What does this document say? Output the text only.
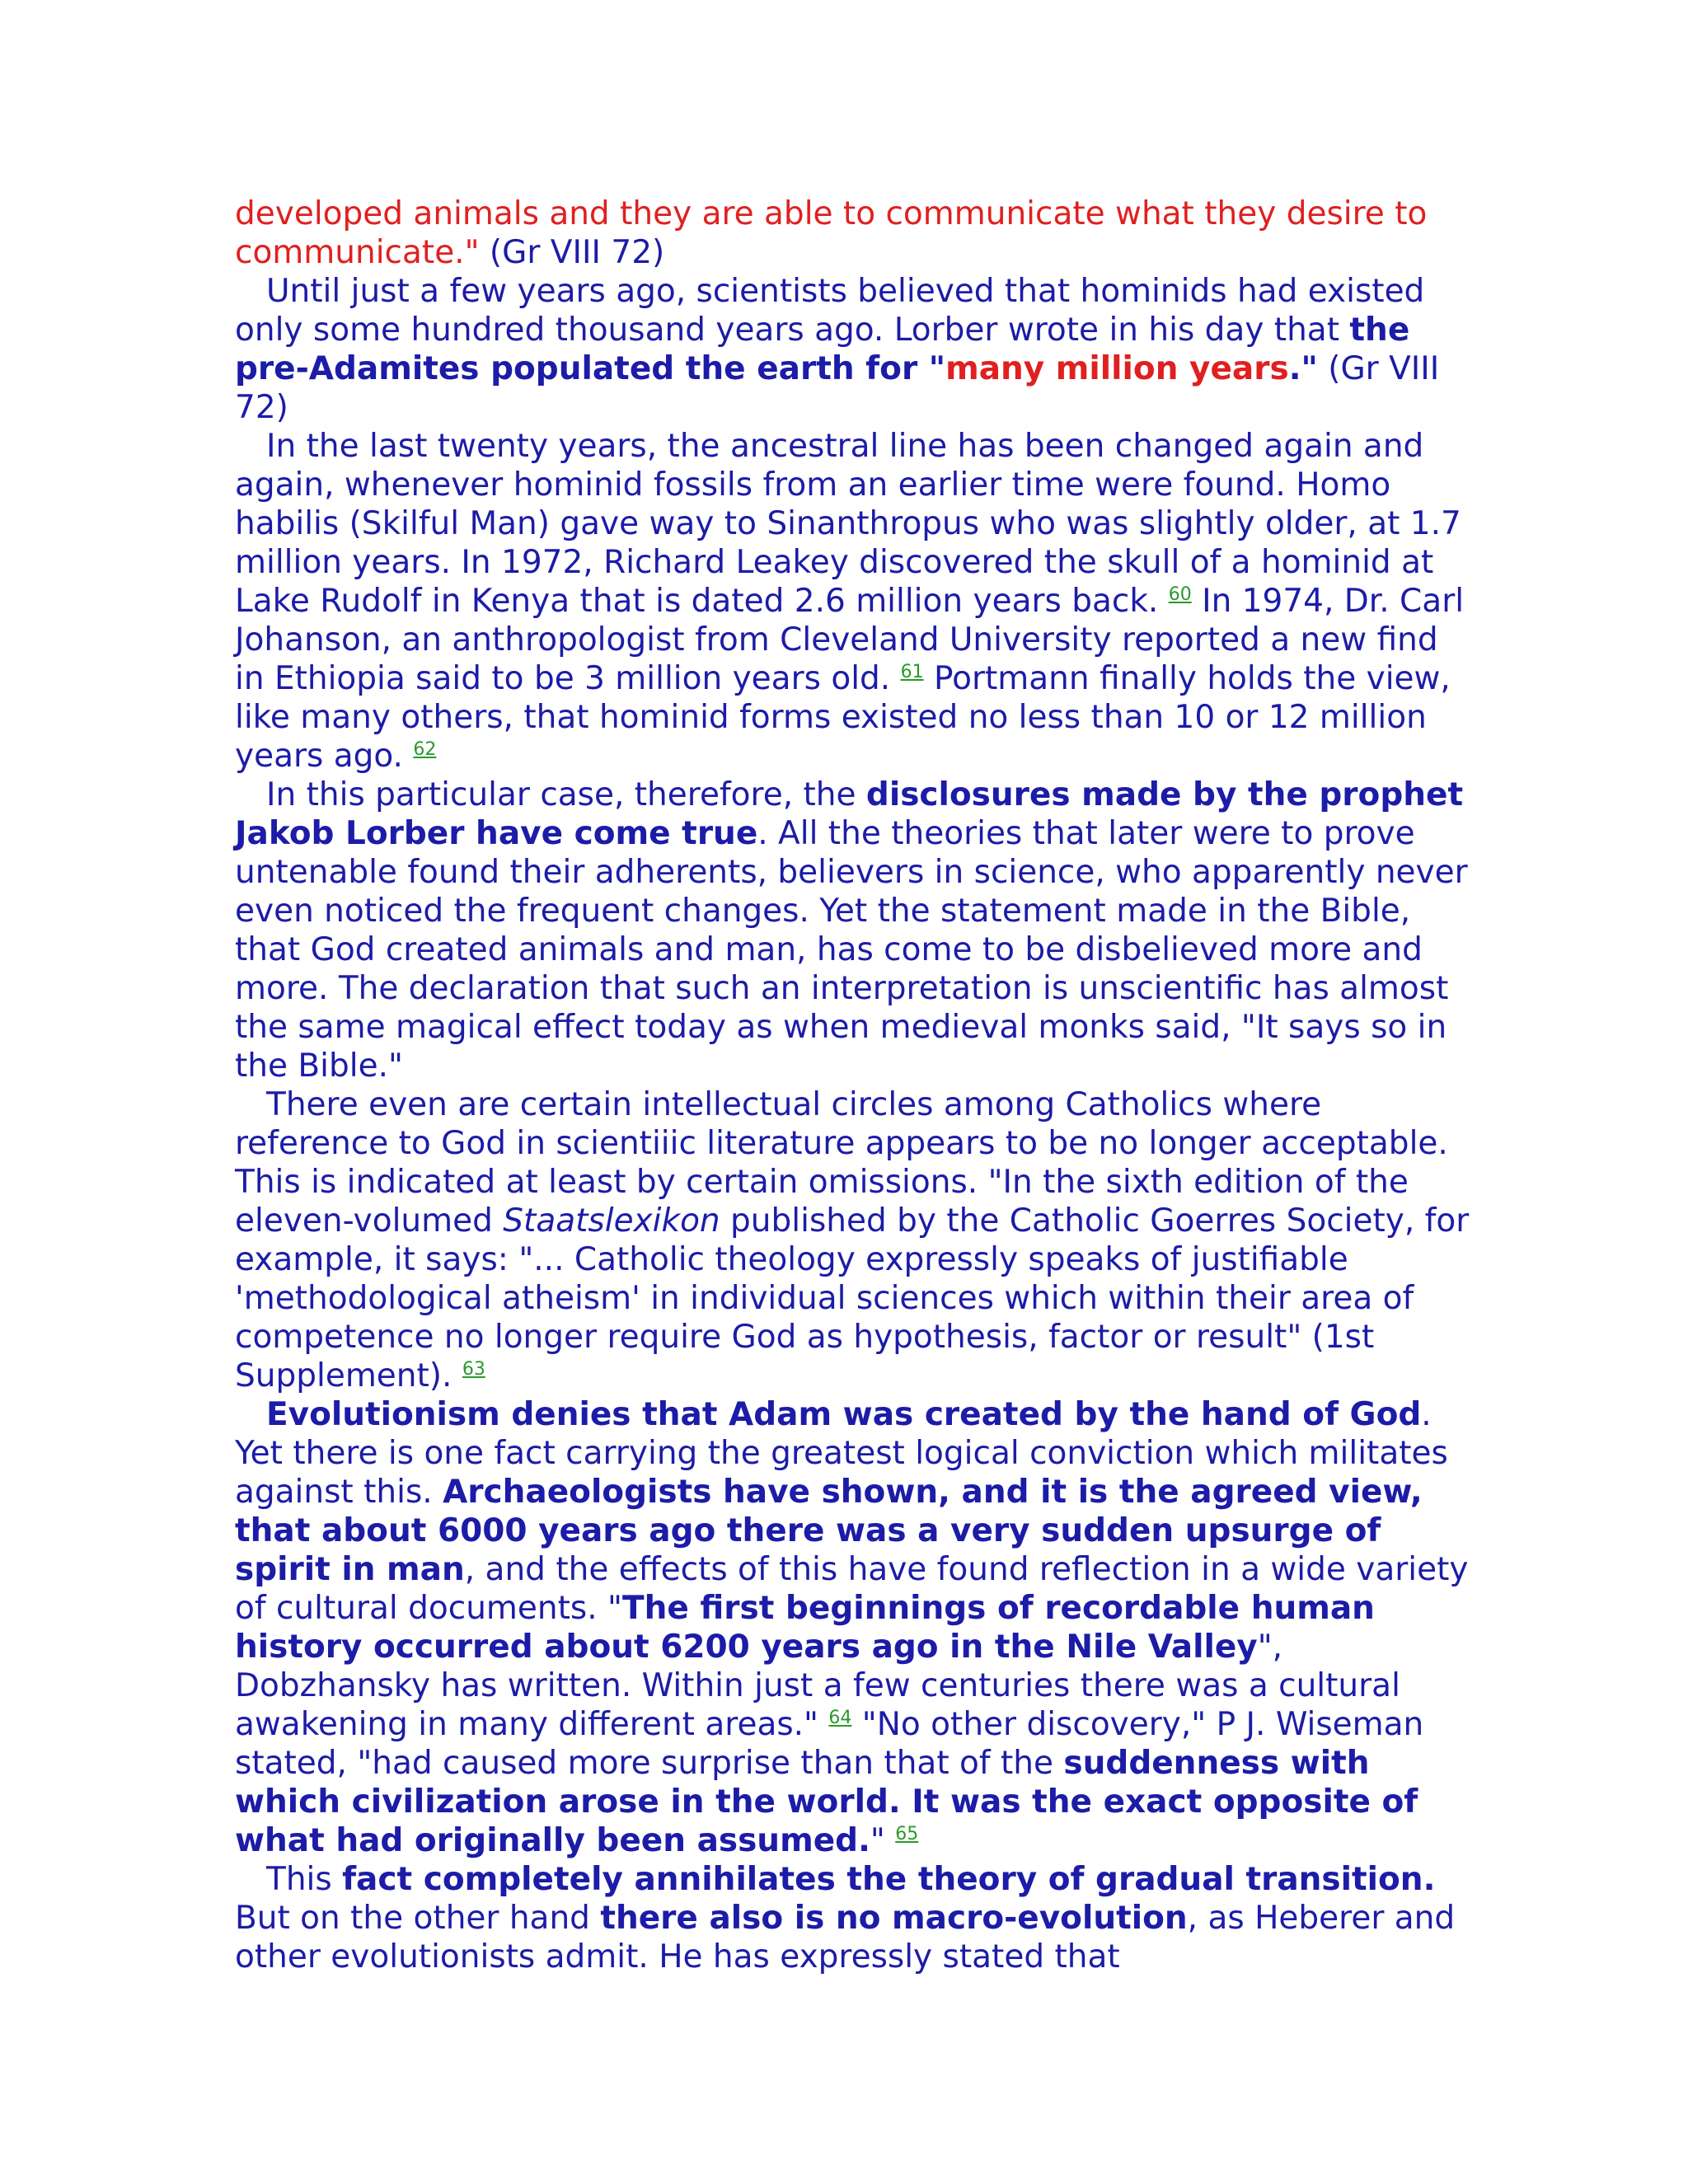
developed animals and they are able to communicate what they desire to communicate." (Gr VIII 72)

Until just a few years ago, scientists believed that hominids had existed only some hundred thousand years ago. Lorber wrote in his day that the pre-Adamites populated the earth for "many million years." (Gr VIII 72)

In the last twenty years, the ancestral line has been changed again and again, whenever hominid fossils from an earlier time were found. Homo habilis (Skilful Man) gave way to Sinanthropus who was slightly older, at 1.7 million years. In 1972, Richard Leakey discovered the skull of a hominid at Lake Rudolf in Kenya that is dated 2.6 million years back. $^{60}$ In 1974, Dr. Carl Johanson, an anthropologist from Cleveland University reported a new find in Ethiopia said to be 3 million years old. $^{61}$ Portmann finally holds the view, like many others, that hominid forms existed no less than 10 or 12 million years ago. $^{62}$

In this particular case, therefore, the disclosures made by the prophet Jakob Lorber have come true. All the theories that later were to prove untenable found their adherents, believers in science, who apparently never even noticed the frequent changes. Yet the statement made in the Bible, that God created animals and man, has come to be disbelieved more and more. The declaration that such an interpretation is unscientific has almost the same magical effect today as when medieval monks said, "It says so in the Bible."

There even are certain intellectual circles among Catholics where reference to God in scientiiic literature appears to be no longer acceptable. This is indicated at least by certain omissions. "In the sixth edition of the eleven-volumed Staatslexikon published by the Catholic Goerres Society, for example, it says: "... Catholic theology expressly speaks of justifiable 'methodological atheism' in individual sciences which within their area of competence no longer require God as hypothesis, factor or result" (1st Supplement). $^{63}$

Evolutionism denies that Adam was created by the hand of God. Yet there is one fact carrying the greatest logical conviction which militates against this. Archaeologists have shown, and it is the agreed view, that about 6000 years ago there was a very sudden upsurge of spirit in man, and the effects of this have found reflection in a wide variety of cultural documents. "The first beginnings of recordable human history occurred about 6200 years ago in the Nile Valley", Dobzhansky has written. Within just a few centuries there was a cultural awakening in many different areas." $^{64}$ "No other discovery," P J. Wiseman stated, "had caused more surprise than that of the suddenness with which civilization arose in the world. It was the exact opposite of what had originally been assumed." $^{65}$

This fact completely annihilates the theory of gradual transition. But on the other hand there also is no macro-evolution, as Heberer and other evolutionists admit. He has expressly stated that
